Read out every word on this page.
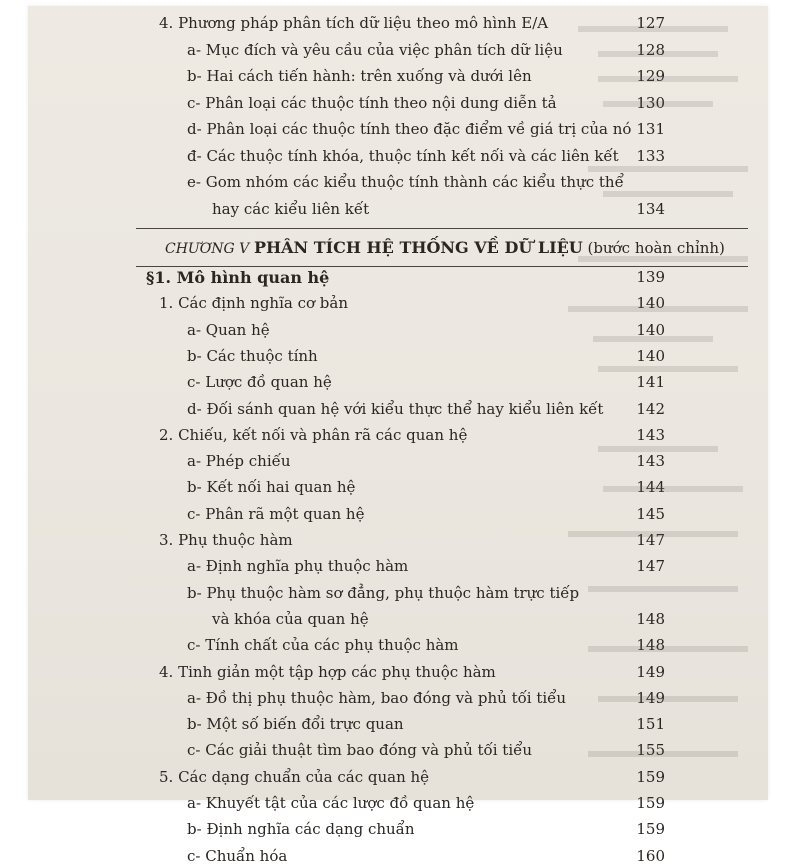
4. Phương pháp phân tích dữ liệu theo mô hình E/A	127
a- Mục đích và yêu cầu của việc phân tích dữ liệu	128
b- Hai cách tiến hành: trên xuống và dưới lên	129
c- Phân loại các thuộc tính theo nội dung diễn tả	130
d- Phân loại các thuộc tính theo đặc điểm về giá trị của nó 131
đ- Các thuộc tính khóa, thuộc tính kết nối và các liên kết 133
e- Gom nhóm các kiểu thuộc tính thành các kiểu thực thể
hay các kiểu liên kết	134
CHƯƠNG V PHÂN TÍCH HỆ THỐNG VỀ DỮ LIỆU (bước hoàn chỉnh)
§1. Mô hình quan hệ	139
1. Các định nghĩa cơ bản	140
a- Quan hệ	140
b- Các thuộc tính	140
c- Lược đồ quan hệ	141
d- Đối sánh quan hệ với kiểu thực thể hay kiểu liên kết 142
2. Chiếu, kết nối và phân rã các quan hệ	143
a- Phép chiếu	143
b- Kết nối hai quan hệ	144
c- Phân rã một quan hệ	145
3. Phụ thuộc hàm	147
a- Định nghĩa phụ thuộc hàm	147
b- Phụ thuộc hàm sơ đẳng, phụ thuộc hàm trực tiếp
và khóa của quan hệ	148
c- Tính chất của các phụ thuộc hàm	148
4. Tinh giản một tập hợp các phụ thuộc hàm	149
a- Đồ thị phụ thuộc hàm, bao đóng và phủ tối tiểu	149
b- Một số biến đổi trực quan	151
c- Các giải thuật tìm bao đóng và phủ tối tiểu	155
5. Các dạng chuẩn của các quan hệ	159
a- Khuyết tật của các lược đồ quan hệ	159
b- Định nghĩa các dạng chuẩn	159
c- Chuẩn hóa	160
